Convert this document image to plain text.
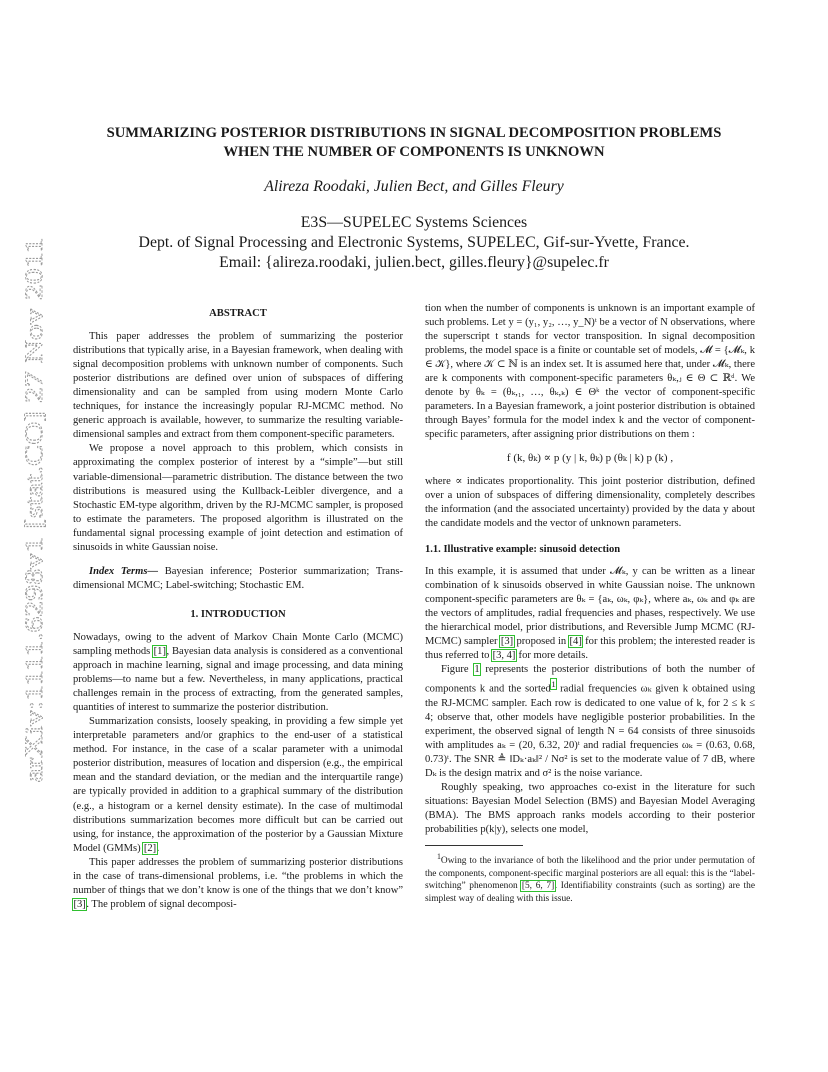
arXiv:1111.6298v1 [stat.CO] 27 Nov 2011
SUMMARIZING POSTERIOR DISTRIBUTIONS IN SIGNAL DECOMPOSITION PROBLEMS
WHEN THE NUMBER OF COMPONENTS IS UNKNOWN
Alireza Roodaki, Julien Bect, and Gilles Fleury
E3S—SUPELEC Systems Sciences
Dept. of Signal Processing and Electronic Systems, SUPELEC, Gif-sur-Yvette, France.
Email: {alireza.roodaki, julien.bect, gilles.fleury}@supelec.fr
ABSTRACT

This paper addresses the problem of summarizing the posterior distributions that typically arise, in a Bayesian framework, when dealing with signal decomposition problems with unknown number of components. Such posterior distributions are defined over union of subspaces of differing dimensionality and can be sampled from using modern Monte Carlo techniques, for instance the increasingly popular RJ-MCMC method. No generic approach is available, however, to summarize the resulting variable-dimensional samples and extract from them component-specific parameters.

We propose a novel approach to this problem, which consists in approximating the complex posterior of interest by a “simple”—but still variable-dimensional—parametric distribution. The distance between the two distributions is measured using the Kullback-Leibler divergence, and a Stochastic EM-type algorithm, driven by the RJ-MCMC sampler, is proposed to estimate the parameters. The proposed algorithm is illustrated on the fundamental signal processing example of joint detection and estimation of sinusoids in white Gaussian noise.

Index Terms— Bayesian inference; Posterior summarization; Trans-dimensional MCMC; Label-switching; Stochastic EM.

1. INTRODUCTION

Nowadays, owing to the advent of Markov Chain Monte Carlo (MCMC) sampling methods [1], Bayesian data analysis is considered as a conventional approach in machine learning, signal and image processing, and data mining problems—to name but a few. Nevertheless, in many applications, practical challenges remain in the process of extracting, from the generated samples, quantities of interest to summarize the posterior distribution.

Summarization consists, loosely speaking, in providing a few simple yet interpretable parameters and/or graphics to the end-user of a statistical method. For instance, in the case of a scalar parameter with a unimodal posterior distribution, measures of location and dispersion (e.g., the empirical mean and the standard deviation, or the median and the interquartile range) are typically provided in addition to a graphical summary of the distribution (e.g., a histogram or a kernel density estimate). In the case of multimodal distributions summarization becomes more difficult but can be carried out using, for instance, the approximation of the posterior by a Gaussian Mixture Model (GMMs) [2].

This paper addresses the problem of summarizing posterior distributions in the case of trans-dimensional problems, i.e. “the problems in which the number of things that we don’t know is one of the things that we don’t know” [3]. The problem of signal decomposi-

tion when the number of components is unknown is an important example of such problems. Let y = (y₁, y₂, …, y_N)ᵗ be a vector of N observations, where the superscript t stands for vector transposition. In signal decomposition problems, the model space is a finite or countable set of models, 𝓜 = {𝓜ₖ, k ∈ 𝒦}, where 𝒦 ⊂ ℕ is an index set. It is assumed here that, under 𝓜ₖ, there are k components with component-specific parameters θₖ,ⱼ ∈ Θ ⊂ ℝᵈ. We denote by θₖ = (θₖ,₁, …, θₖ,ₖ) ∈ Θᵏ the vector of component-specific parameters. In a Bayesian framework, a joint posterior distribution is obtained through Bayes’ formula for the model index k and the vector of component-specific parameters, after assigning prior distributions on them :

f (k, θₖ) ∝ p (y | k, θₖ) p (θₖ | k) p (k) ,

where ∝ indicates proportionality. This joint posterior distribution, defined over a union of subspaces of differing dimensionality, completely describes the information (and the associated uncertainty) provided by the data y about the candidate models and the vector of unknown parameters.

1.1. Illustrative example: sinusoid detection

In this example, it is assumed that under 𝓜ₖ, y can be written as a linear combination of k sinusoids observed in white Gaussian noise. The unknown component-specific parameters are θₖ = {aₖ, ωₖ, φₖ}, where aₖ, ωₖ and φₖ are the vectors of amplitudes, radial frequencies and phases, respectively. We use the hierarchical model, prior distributions, and Reversible Jump MCMC (RJ-MCMC) sampler [3] proposed in [4] for this problem; the interested reader is thus referred to [3, 4] for more details.

Figure 1 represents the posterior distributions of both the number of components k and the sorted$^1$ radial frequencies ωₖ given k obtained using the RJ-MCMC sampler. Each row is dedicated to one value of k, for 2 ≤ k ≤ 4; observe that, other models have negligible posterior probabilities. In the experiment, the observed signal of length N = 64 consists of three sinusoids with amplitudes aₖ = (20, 6.32, 20)ᵗ and radial frequencies ωₖ = (0.63, 0.68, 0.73)ᵗ. The SNR ≜ ‖Dₖ·aₖ‖² / Nσ² is set to the moderate value of 7 dB, where Dₖ is the design matrix and σ² is the noise variance.

Roughly speaking, two approaches co-exist in the literature for such situations: Bayesian Model Selection (BMS) and Bayesian Model Averaging (BMA). The BMS approach ranks models according to their posterior probabilities p(k|y), selects one model,

$^1$Owing to the invariance of both the likelihood and the prior under permutation of the components, component-specific marginal posteriors are all equal: this is the “label-switching” phenomenon [5, 6, 7]. Identifiability constraints (such as sorting) are the simplest way of dealing with this issue.
